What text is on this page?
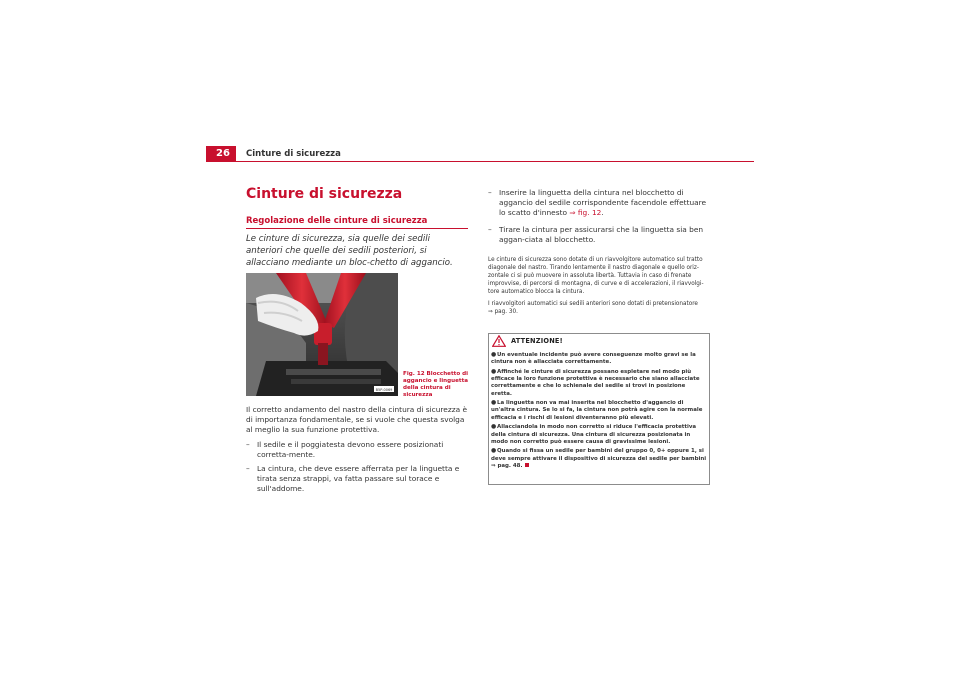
26	Cinture di sicurezza
Cinture di sicurezza
Regolazione delle cinture di sicurezza
Le cinture di sicurezza, sia quelle dei sedili anteriori che quelle dei sedili posteriori, si allacciano mediante un bloc-chetto di aggancio.
B5P-0069
Fig. 12 Blocchetto di aggancio e linguetta della cintura di sicurezza

Il corretto andamento del nastro della cintura di sicurezza è di importanza fondamentale, se si vuole che questa svolga al meglio la sua funzione protettiva.

– Il sedile e il poggiatesta devono essere posizionati corretta-mente.
– La cintura, che deve essere afferrata per la linguetta e tirata senza strappi, va fatta passare sul torace e sull'addome.
– Inserire la linguetta della cintura nel blocchetto di aggancio del sedile corrispondente facendole effettuare lo scatto d'innesto ⇒ fig. 12.
– Tirare la cintura per assicurarsi che la linguetta sia ben aggan-ciata al blocchetto.

Le cinture di sicurezza sono dotate di un riavvolgitore automatico sul tratto diagonale del nastro. Tirando lentamente il nastro diagonale e quello oriz-zontale ci si può muovere in assoluta libertà. Tuttavia in caso di frenate improvvise, di percorsi di montagna, di curve e di accelerazioni, il riavvolgi-tore automatico blocca la cintura.

I riavvolgitori automatici sui sedili anteriori sono dotati di pretensionatore
⇒ pag. 30.

ATTENZIONE!
●Un eventuale incidente può avere conseguenze molto gravi se la cintura non è allacciata correttamente.
●Affinché le cinture di sicurezza possano espletare nel modo più efficace la loro funzione protettiva è necessario che siano allacciate correttamente e che lo schienale del sedile si trovi in posizione eretta.
●La linguetta non va mai inserita nel blocchetto d'aggancio di un'altra cintura. Se lo si fa, la cintura non potrà agire con la normale efficacia e i rischi di lesioni diventeranno più elevati.
●Allacciandola in modo non corretto si riduce l'efficacia protettiva della cintura di sicurezza. Una cintura di sicurezza posizionata in modo non corretto può essere causa di gravissime lesioni.
●Quando si fissa un sedile per bambini del gruppo 0, 0+ oppure 1, si deve sempre attivare il dispositivo di sicurezza del sedile per bambini
⇒ pag. 48.
